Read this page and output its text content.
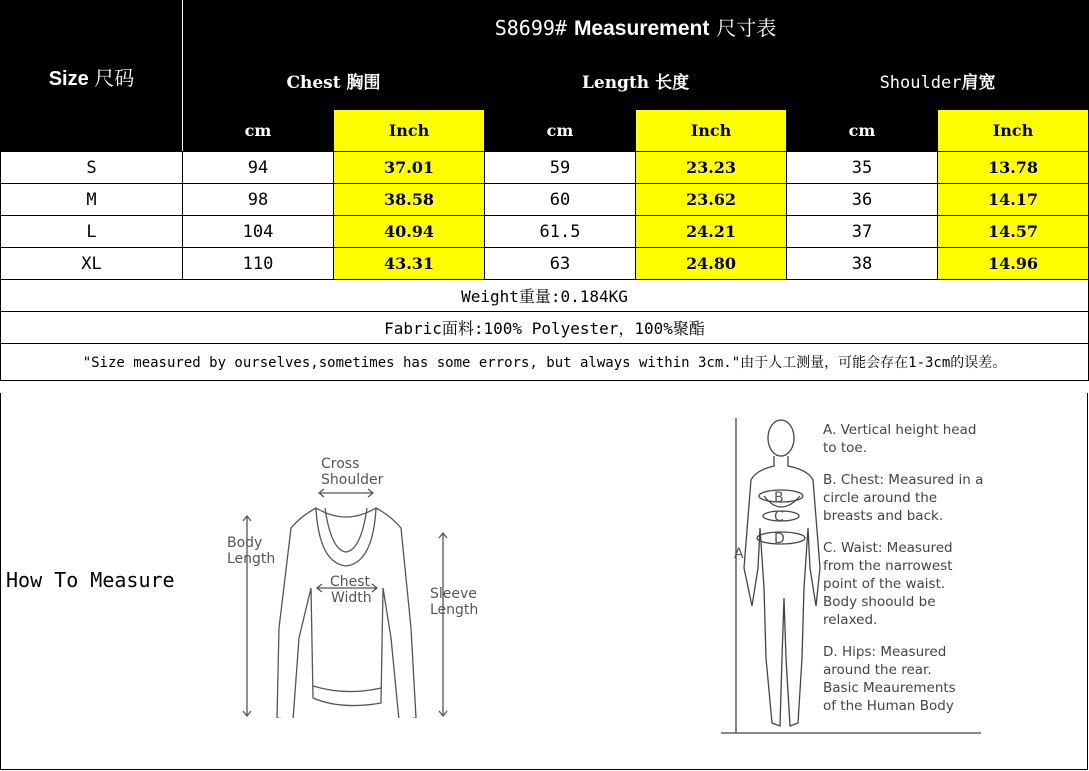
Size 尺码	S8699# Measurement 尺寸表					
	Chest 胸围		Length 长度		Shoulder肩宽	
	cm	Inch	cm	Inch	cm	Inch
S	94	37.01	59	23.23	35	13.78
M	98	38.58	60	23.62	36	14.17
L	104	40.94	61.5	24.21	37	14.57
XL	110	43.31	63	24.80	38	14.96
Weight重量:0.184KG						
Fabric面料:100% Polyester，100%聚酯						
"Size measured by ourselves,sometimes has some errors, but always within 3cm."由于人工测量，可能会存在1-3cm的误差。						
How To Measure
Cross
Shoulder
Body
Length
Chest
Width	Sleeve
Length
B
C
D
A
A. Vertical height head
to toe.
B. Chest: Measured in a
circle around the
breasts and back.
C. Waist: Measured
from the narrowest
point of the waist.
Body shoould be
relaxed.
D. Hips: Measured
around the rear.
Basic Meaurements
of the Human Body
